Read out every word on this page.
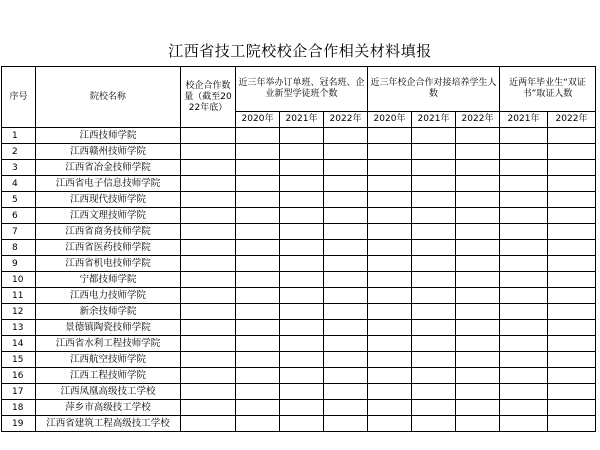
江西省技工院校校企合作相关材料填报
序号	院校名称	校企合作数量（截至2022年底）	近三年举办订单班、冠名班、企业新型学徒班个数			近三年校企合作对接培养学生人数			近两年毕业生“双证书”取证人数	
			2020年	2021年	2022年	2020年	2021年	2022年	2021年	2022年
1	江西技师学院									
2	江西赣州技师学院									
3	江西省冶金技师学院									
4	江西省电子信息技师学院									
5	江西现代技师学院									
6	江西文理技师学院									
7	江西省商务技师学院									
8	江西省医药技师学院									
9	江西省机电技师学院									
10	宁都技师学院									
11	江西电力技师学院									
12	新余技师学院									
13	景德镇陶瓷技师学院									
14	江西省水利工程技师学院									
15	江西航空技师学院									
16	江西工程技师学院									
17	江西凤凰高级技工学校									
18	萍乡市高级技工学校									
19	江西省建筑工程高级技工学校									
